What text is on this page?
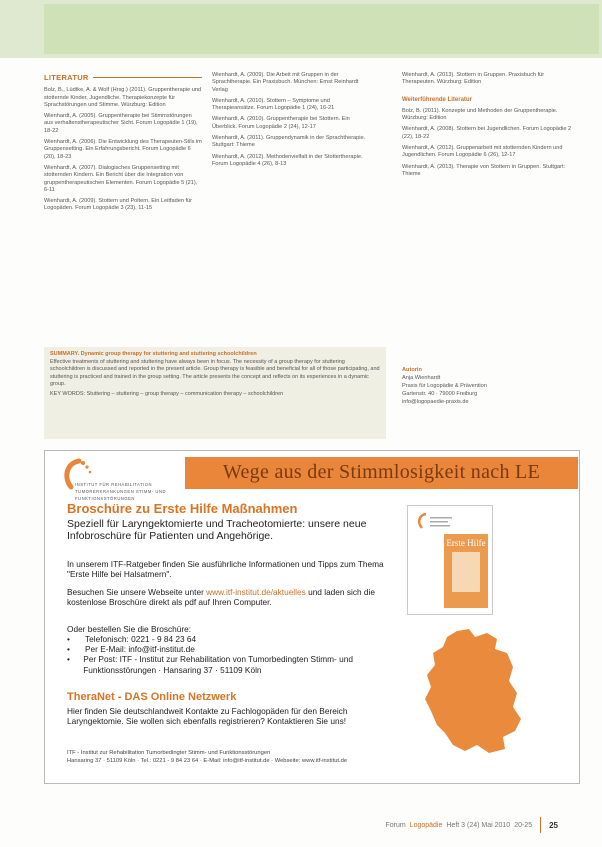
LITERATUR
Bolz, B., Lüdtke, A. & Wolf (Hrsg.) (2011). Gruppentherapie und stotternde Kinder, Jugendliche. Therapiekonzepte für Sprachstörungen und Stimme. Würzburg: Edition
Wienhardt, A. (2005). Gruppentherapie bei Stimmstörungen aus verhaltenstherapeutischer Sicht. Forum Logopädie 1 (19), 18-22
Wienhardt, A. (2006). Die Entwicklung des Therapeuten-Stils im Gruppensetting. Ein Erfahrungsbericht. Forum Logopädie 6 (20), 18-23
Wienhardt, A. (2007). Dialogisches Gruppensetting mit stotternden Kindern. Ein Bericht über die Integration von gruppentherapeutischen Elementen. Forum Logopädie 5 (21), 6-11
Wienhardt, A. (2009). Stottern und Poltern. Ein Leitfaden für Logopäden. Forum Logopädie 3 (23), 11-15
Wienhardt, A. (2009). Die Arbeit mit Gruppen in der Sprachtherapie. Ein Praxisbuch. München: Ernst Reinhardt Verlag
Wienhardt, A. (2010). Stottern – Symptome und Therapieansätze. Forum Logopädie 1 (24), 16-21
Wienhardt, A. (2010). Gruppentherapie bei Stottern. Ein Überblick. Forum Logopädie 2 (24), 12-17
Wienhardt, A. (2011). Gruppendynamik in der Sprachtherapie. Stuttgart: Thieme
Wienhardt, A. (2012). Methodenvielfalt in der Stottertherapie. Forum Logopädie 4 (26), 8-13
Wienhardt, A. (2013). Stottern in Gruppen. Praxisbuch für Therapeuten. Würzburg: Edition
Weiterführende Literatur
Bolz, B. (2011). Konzepte und Methoden der Gruppentherapie. Würzburg: Edition
Wienhardt, A. (2008). Stottern bei Jugendlichen. Forum Logopädie 2 (22), 18-22
Wienhardt, A. (2012). Gruppenarbeit mit stotternden Kindern und Jugendlichen. Forum Logopädie 6 (26), 12-17
Wienhardt, A. (2013). Therapie von Stottern in Gruppen. Stuttgart: Thieme
SUMMARY. Dynamic group therapy for stuttering and stuttering schoolchildren
Effective treatments of stuttering and stuttering have always been in focus. The necessity of a group therapy for stuttering schoolchildren is discussed and reported in the present article. Group therapy is feasible and beneficial for all of those participating, and stuttering is practiced and trained in the group setting. The article presents the concept and reflects on its experiences in a dynamic group.
KEY WORDS: Stuttering – stuttering – group therapy – communication therapy – schoolchildren
Autorin
Anja Wienhardt
Praxis für Logopädie & Prävention
Gartenstr. 40 · 79000 Freiburg
info@logopaedie-praxis.de
INSTITUT FÜR REHABILITATION
TUMORERKRANKUNGEN STIMM- UND
FUNKTIONSSTÖRUNGEN
Wege aus der Stimmlosigkeit nach LE
Broschüre zu Erste Hilfe Maßnahmen
Speziell für Laryngektomierte und Tracheotomierte: unsere neue Infobroschüre für Patienten und Angehörige.
In unserem ITF-Ratgeber finden Sie ausführliche Informationen und Tipps zum Thema "Erste Hilfe bei Halsatmern".
Besuchen Sie unsere Webseite unter www.itf-institut.de/aktuelles und laden sich die kostenlose Broschüre direkt als pdf auf Ihren Computer.
Oder bestellen Sie die Broschüre:
•	Telefonisch: 0221 - 9 84 23 64
•	Per E-Mail: info@itf-institut.de
• Per Post: ITF - Institut zur Rehabilitation von Tumorbedingten Stimm- und Funktionsstörungen · Hansaring 37 · 51109 Köln
TheraNet - DAS Online Netzwerk
Hier finden Sie deutschlandweit Kontakte zu Fachlogopäden für den Bereich Laryngektomie. Sie wollen sich ebenfalls registrieren? Kontaktieren Sie uns!
ITF - Institut zur Rehabilitation Tumorbedingter Stimm- und Funktionsstörungen
Hansaring 37 · 51109 Köln · Tel.: 0221 - 9 84 23 64 · E-Mail: info@itf-institut.de · Webseite: www.itf-institut.de
Erste Hilfe
Forum Logopädie Heft 3 (24) Mai 2010 20-25 25
